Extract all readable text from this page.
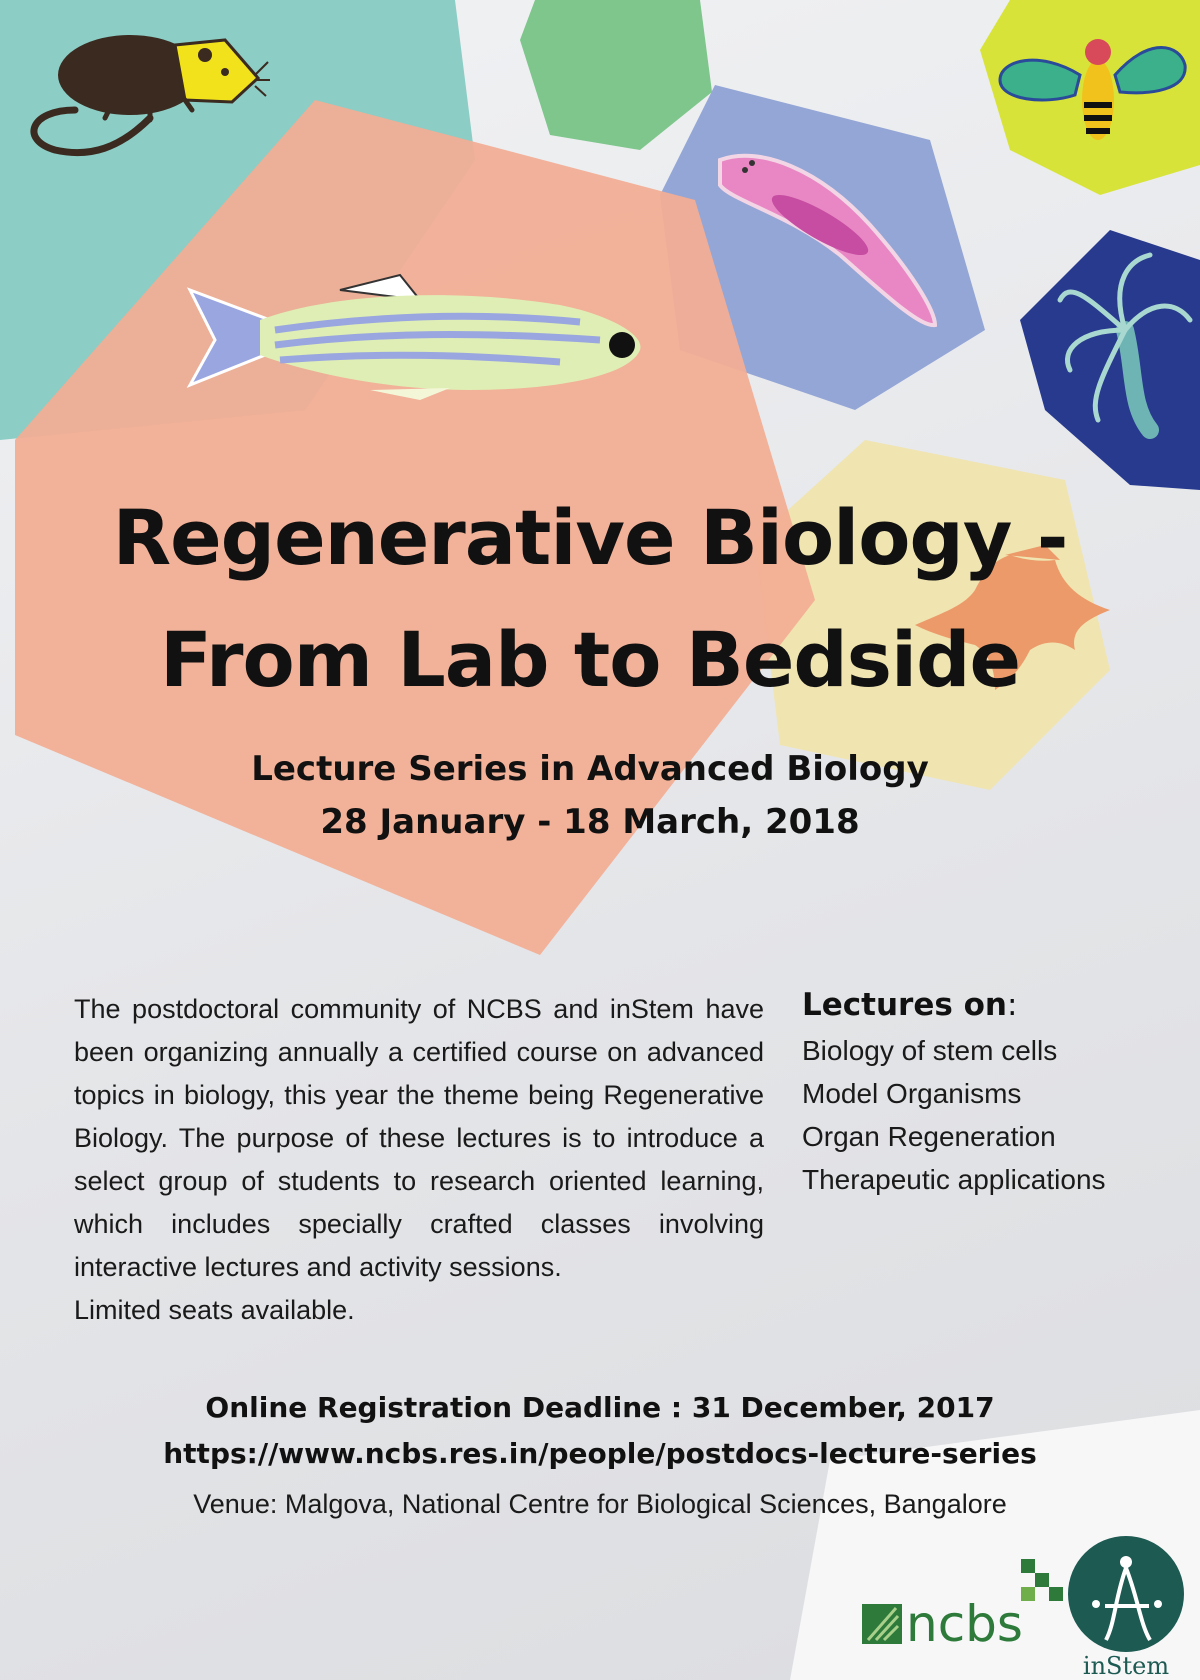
Regenerative Biology -
From Lab to Bedside
Lecture Series in Advanced Biology
28 January - 18 March, 2018

The postdoctoral community of NCBS and inStem have been organizing annually a certified course on advanced topics in biology, this year the theme being Regenerative Biology. The purpose of these lectures is to introduce a select group of students to research oriented learning, which includes specially crafted classes involving interactive lectures and activity sessions.

Limited seats available.

Lectures on:
Biology of stem cells
Model Organisms
Organ Regeneration
Therapeutic applications
Online Registration Deadline : 31 December, 2017
https://www.ncbs.res.in/people/postdocs-lecture-series
Venue: Malgova, National Centre for Biological Sciences, Bangalore
ncbs
inStem
